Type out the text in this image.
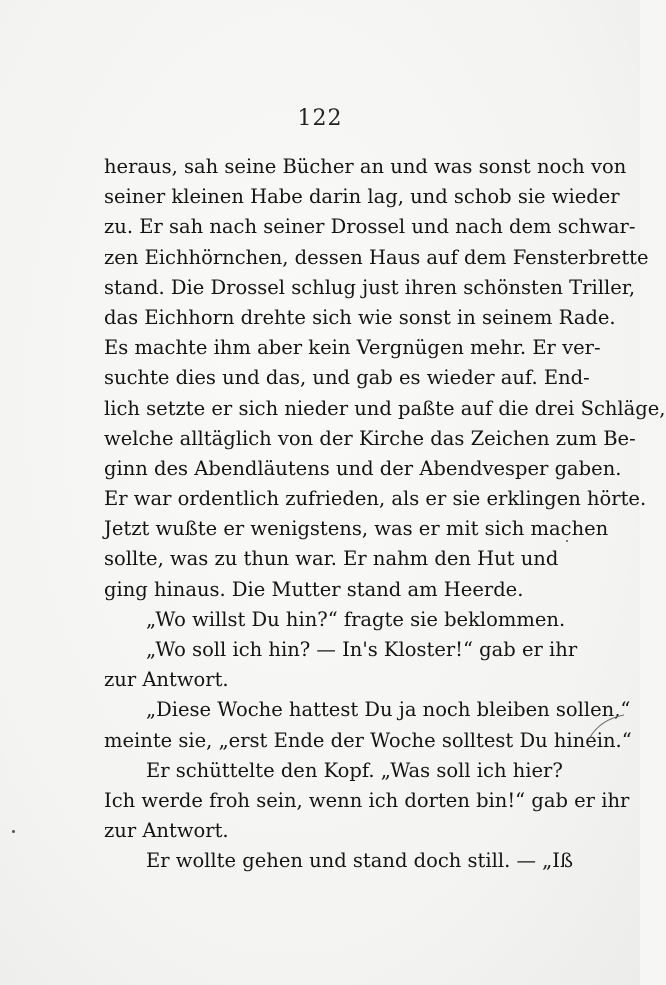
122
heraus, sah seine Bücher an und was sonst noch von
seiner kleinen Habe darin lag, und schob sie wieder
zu. Er sah nach seiner Drossel und nach dem schwar-
zen Eichhörnchen, dessen Haus auf dem Fensterbrette
stand. Die Drossel schlug just ihren schönsten Triller,
das Eichhorn drehte sich wie sonst in seinem Rade.
Es machte ihm aber kein Vergnügen mehr. Er ver-
suchte dies und das, und gab es wieder auf. End-
lich setzte er sich nieder und paßte auf die drei Schläge,
welche alltäglich von der Kirche das Zeichen zum Be-
ginn des Abendläutens und der Abendvesper gaben.
Er war ordentlich zufrieden, als er sie erklingen hörte.
Jetzt wußte er wenigstens, was er mit sich machen
sollte, was zu thun war. Er nahm den Hut und
ging hinaus. Die Mutter stand am Heerde.
„Wo willst Du hin?“ fragte sie beklommen.
„Wo soll ich hin? — In's Kloster!“ gab er ihr
zur Antwort.
„Diese Woche hattest Du ja noch bleiben sollen,“
meinte sie, „erst Ende der Woche solltest Du hinein.“
Er schüttelte den Kopf. „Was soll ich hier?
Ich werde froh sein, wenn ich dorten bin!“ gab er ihr
zur Antwort.
Er wollte gehen und stand doch still. — „Iß
